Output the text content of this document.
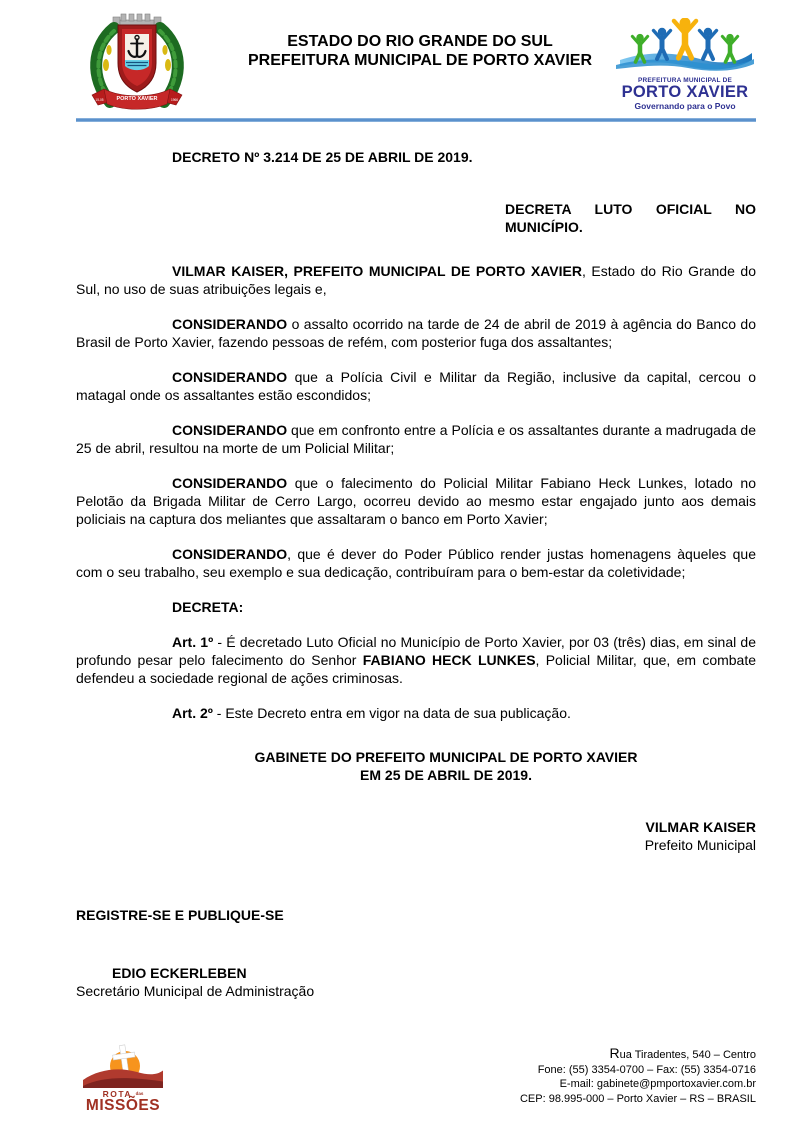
PORTO XAVIER
15-05	1966
ESTADO DO RIO GRANDE DO SUL
PREFEITURA MUNICIPAL DE PORTO XAVIER
PREFEITURA MUNICIPAL DE
PORTO XAVIER
Governando para o Povo

DECRETO Nº 3.214 DE 25 DE ABRIL DE 2019.

DECRETA LUTO OFICIAL NO MUNICÍPIO.

VILMAR KAISER, PREFEITO MUNICIPAL DE PORTO XAVIER, Estado do Rio Grande do Sul, no uso de suas atribuições legais e,

CONSIDERANDO o assalto ocorrido na tarde de 24 de abril de 2019 à agência do Banco do Brasil de Porto Xavier, fazendo pessoas de refém, com posterior fuga dos assaltantes;

CONSIDERANDO que a Polícia Civil e Militar da Região, inclusive da capital, cercou o matagal onde os assaltantes estão escondidos;

CONSIDERANDO que em confronto entre a Polícia e os assaltantes durante a madrugada de 25 de abril, resultou na morte de um Policial Militar;

CONSIDERANDO que o falecimento do Policial Militar Fabiano Heck Lunkes, lotado no Pelotão da Brigada Militar de Cerro Largo, ocorreu devido ao mesmo estar engajado junto aos demais policiais na captura dos meliantes que assaltaram o banco em Porto Xavier;

CONSIDERANDO, que é dever do Poder Público render justas homenagens àqueles que com o seu trabalho, seu exemplo e sua dedicação, contribuíram para o bem-estar da coletividade;

DECRETA:

Art. 1º - É decretado Luto Oficial no Município de Porto Xavier, por 03 (três) dias, em sinal de profundo pesar pelo falecimento do Senhor FABIANO HECK LUNKES, Policial Militar, que, em combate defendeu a sociedade regional de ações criminosas.

Art. 2º - Este Decreto entra em vigor na data de sua publicação.

GABINETE DO PREFEITO MUNICIPAL DE PORTO XAVIER
EM 25 DE ABRIL DE 2019.
VILMAR KAISER
Prefeito Municipal

REGISTRE-SE E PUBLIQUE-SE

EDIO ECKERLEBEN
Secretário Municipal de Administração
ROTA $^{das}$
MISSÕES
Rua Tiradentes, 540 – Centro
Fone: (55) 3354-0700 – Fax: (55) 3354-0716
E-mail: gabinete@pmportoxavier.com.br
CEP: 98.995-000 – Porto Xavier – RS – BRASIL
